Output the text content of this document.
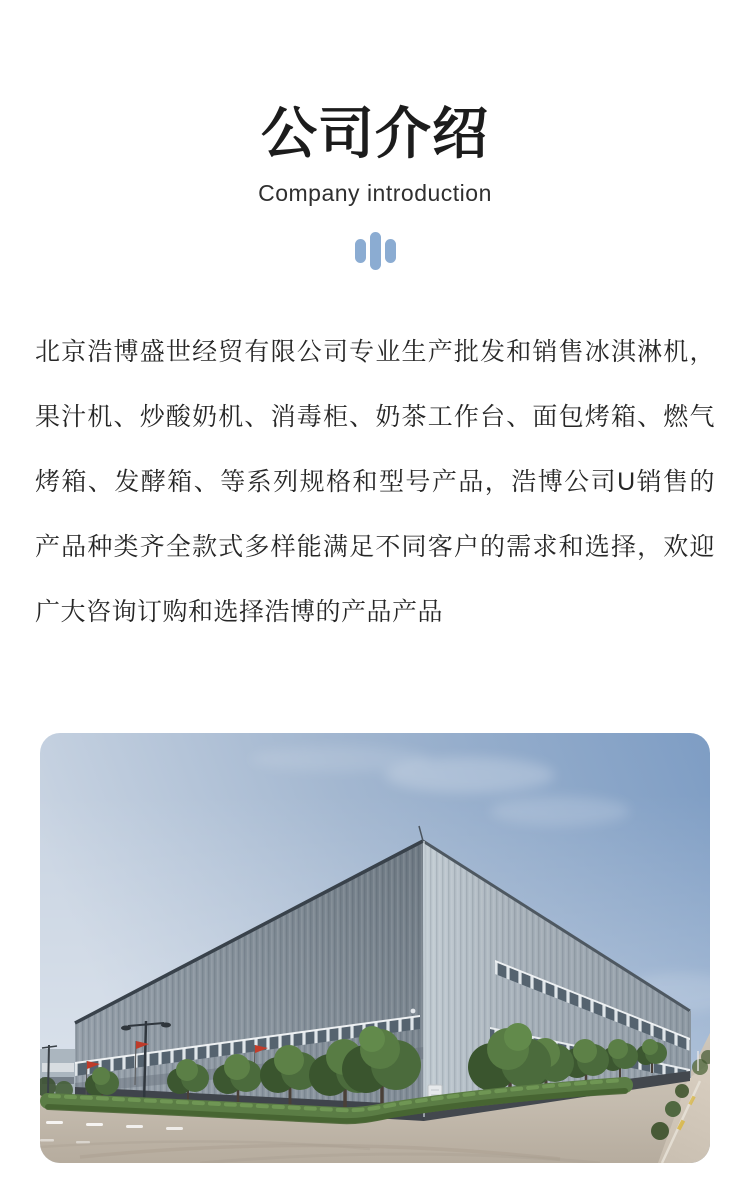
公司介绍
Company introduction

北京浩博盛世经贸有限公司专业生产批发和销售冰淇淋机，果汁机、炒酸奶机、消毒柜、奶茶工作台、面包烤箱、燃气烤箱、发酵箱、等系列规格和型号产品，浩博公司U销售的产品种类齐全款式多样能满足不同客户的需求和选择，欢迎广大咨询订购和选择浩博的产品产品
